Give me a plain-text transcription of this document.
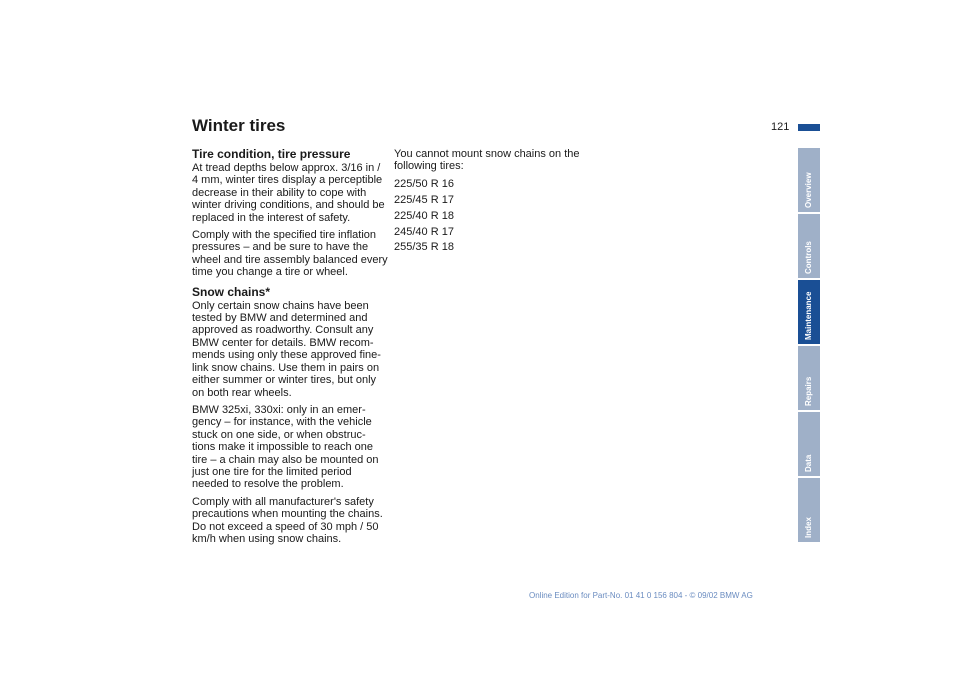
Winter tires	121
Tire condition, tire pressure

At tread depths below approx. 3/16 in / 4 mm, winter tires display a perceptible decrease in their ability to cope with winter driving conditions, and should be replaced in the interest of safety.

Comply with the specified tire inflation pressures – and be sure to have the wheel and tire assembly balanced every time you change a tire or wheel.

Snow chains*

Only certain snow chains have been tested by BMW and determined and approved as roadworthy. Consult any BMW center for details. BMW recom-mends using only these approved fine-link snow chains. Use them in pairs on either summer or winter tires, but only on both rear wheels.

BMW 325xi, 330xi: only in an emer-gency – for instance, with the vehicle stuck on one side, or when obstruc-tions make it impossible to reach one tire – a chain may also be mounted on just one tire for the limited period needed to resolve the problem.

Comply with all manufacturer's safety precautions when mounting the chains. Do not exceed a speed of 30 mph / 50 km/h when using snow chains.

You cannot mount snow chains on the following tires:

225/50 R 16
225/45 R 17
225/40 R 18
245/40 R 17
255/35 R 18
Overview
Controls
Maintenance
Repairs
Data
Index
Online Edition for Part-No. 01 41 0 156 804 - © 09/02 BMW AG
